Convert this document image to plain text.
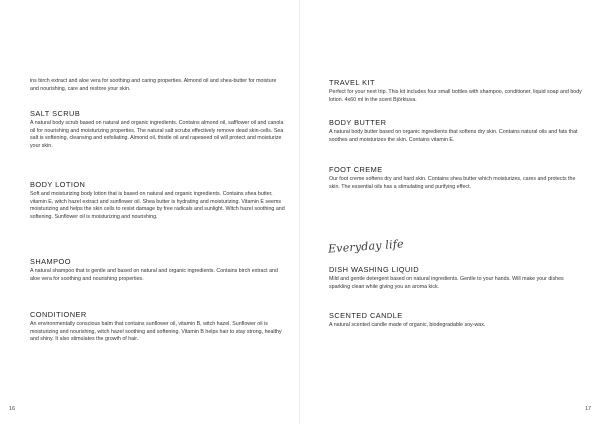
ins birch extract and aloe vera for soothing and caring properties. Almond oil and shea-butter for moisture and nourishing, care and restore your skin.

SALT SCRUB

A natural body scrub based on natural and organic ingredients. Contains almond oil, safflower oil and canola oil for nourishing and moisturizing properties. The natural salt scrubs effectively remove dead skin-cells. Sea salt is softening, cleansing and exfoliating. Almond oil, thistle oil and rapeseed oil will protect and moisturize your skin.

BODY LOTION

Soft and moisturizing body lotion that is based on natural and organic ingredients. Contains shea butter, vitamin E, witch hazel extract and sunflower oil. Shea butter is hydrating and moisturizing. Vitamin E seems moisturizing and helps the skin cells to resist damage by free radicals and sunlight. Witch hazel soothing and softening. Sunflower oil is moisturizing and nourishing.

SHAMPOO

A natural shampoo that is gentle and based on natural and organic ingredients. Contains birch extract and aloe vera for soothing and nourishing properties.

CONDITIONER

An environmentally conscious balm that contains sunflower oil, vitamin B, witch hazel. Sunflower oil is moisturizing and nourishing, witch hazel soothing and softening. Vitamin B helps hair to stay strong, healthy and shiny. It also stimulates the growth of hair.

16
TRAVEL KIT

Perfect for your next trip. This kit includes four small bottles with shampoo, conditioner, liquid soap and body lotion. 4x60 ml in the scent Björktuva.

BODY BUTTER

A natural body butter based on organic ingredients that softens dry skin. Contains natural oils and fats that soothes and moisturizes the skin. Contains vitamin E.

FOOT CREME

Our foot creme softens dry and hard skin. Contains shea butter which moisturizes, cares and protects the skin. The essential oils has a stimulating and purifying effect.

Everyday life
DISH WASHING LIQUID

Mild and gentle detergent based on natural ingredients. Gentle to your hands. Will make your dishes sparkling clean while giving you an aroma kick.

SCENTED CANDLE

A natural scented candle made of organic, biodegradable soy-wax.

17
